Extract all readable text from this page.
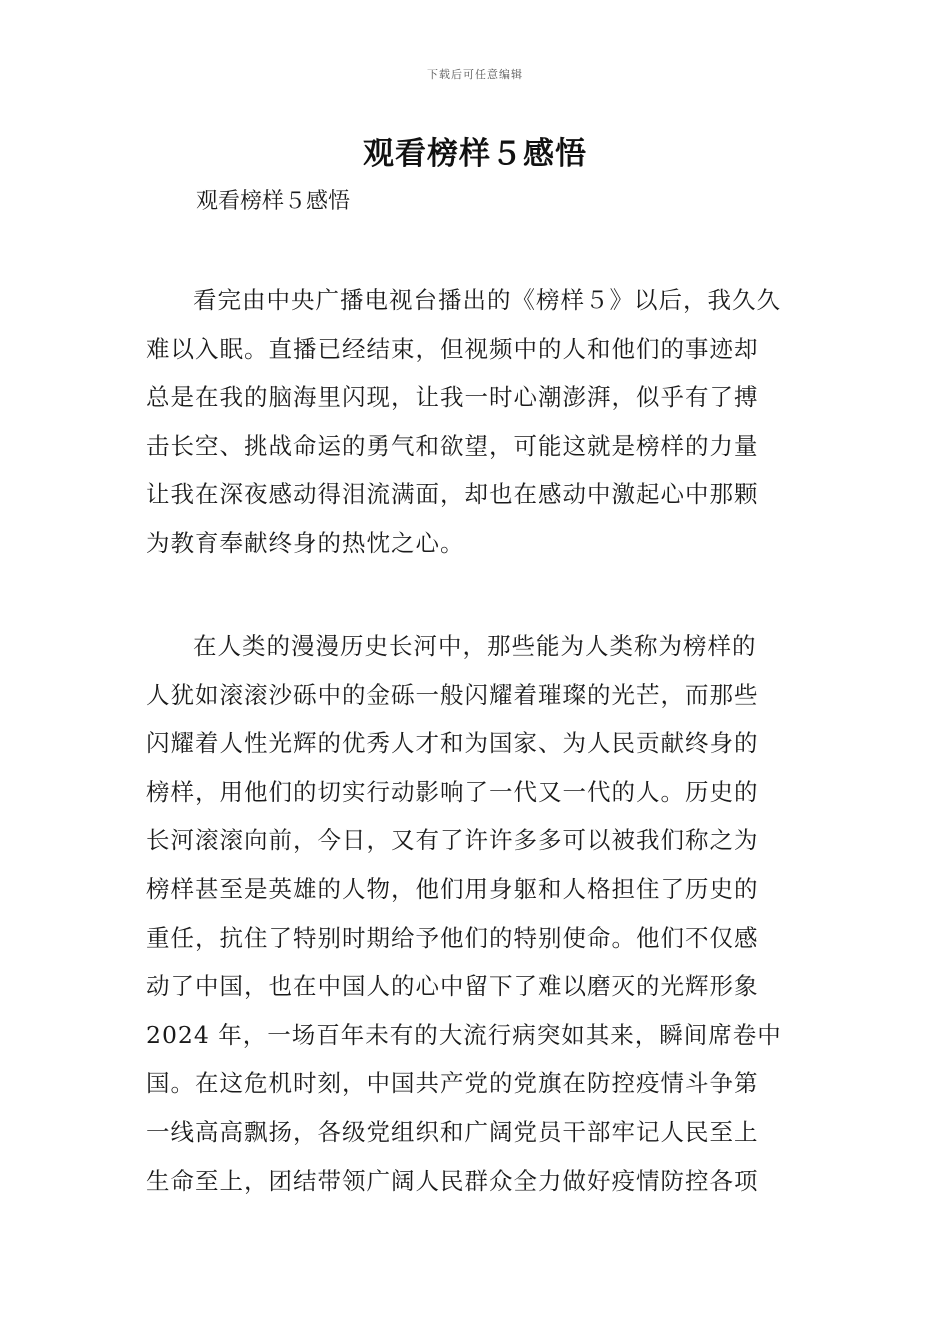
下载后可任意编辑
观看榜样５感悟

观看榜样５感悟

看完由中央广播电视台播出的《榜样５》以后，我久久
难以入眠。直播已经结束，但视频中的人和他们的事迹却
总是在我的脑海里闪现，让我一时心潮澎湃，似乎有了搏
击长空、挑战命运的勇气和欲望，可能这就是榜样的力量
让我在深夜感动得泪流满面，却也在感动中激起心中那颗
为教育奉献终身的热忱之心。

在人类的漫漫历史长河中，那些能为人类称为榜样的
人犹如滚滚沙砾中的金砾一般闪耀着璀璨的光芒，而那些
闪耀着人性光辉的优秀人才和为国家、为人民贡献终身的
榜样，用他们的切实行动影响了一代又一代的人。历史的
长河滚滚向前，今日，又有了许许多多可以被我们称之为
榜样甚至是英雄的人物，他们用身躯和人格担住了历史的
重任，抗住了特别时期给予他们的特别使命。他们不仅感
动了中国，也在中国人的心中留下了难以磨灭的光辉形象
2024 年，一场百年未有的大流行病突如其来，瞬间席卷中
国。在这危机时刻，中国共产党的党旗在防控疫情斗争第
一线高高飘扬，各级党组织和广阔党员干部牢记人民至上
生命至上，团结带领广阔人民群众全力做好疫情防控各项
